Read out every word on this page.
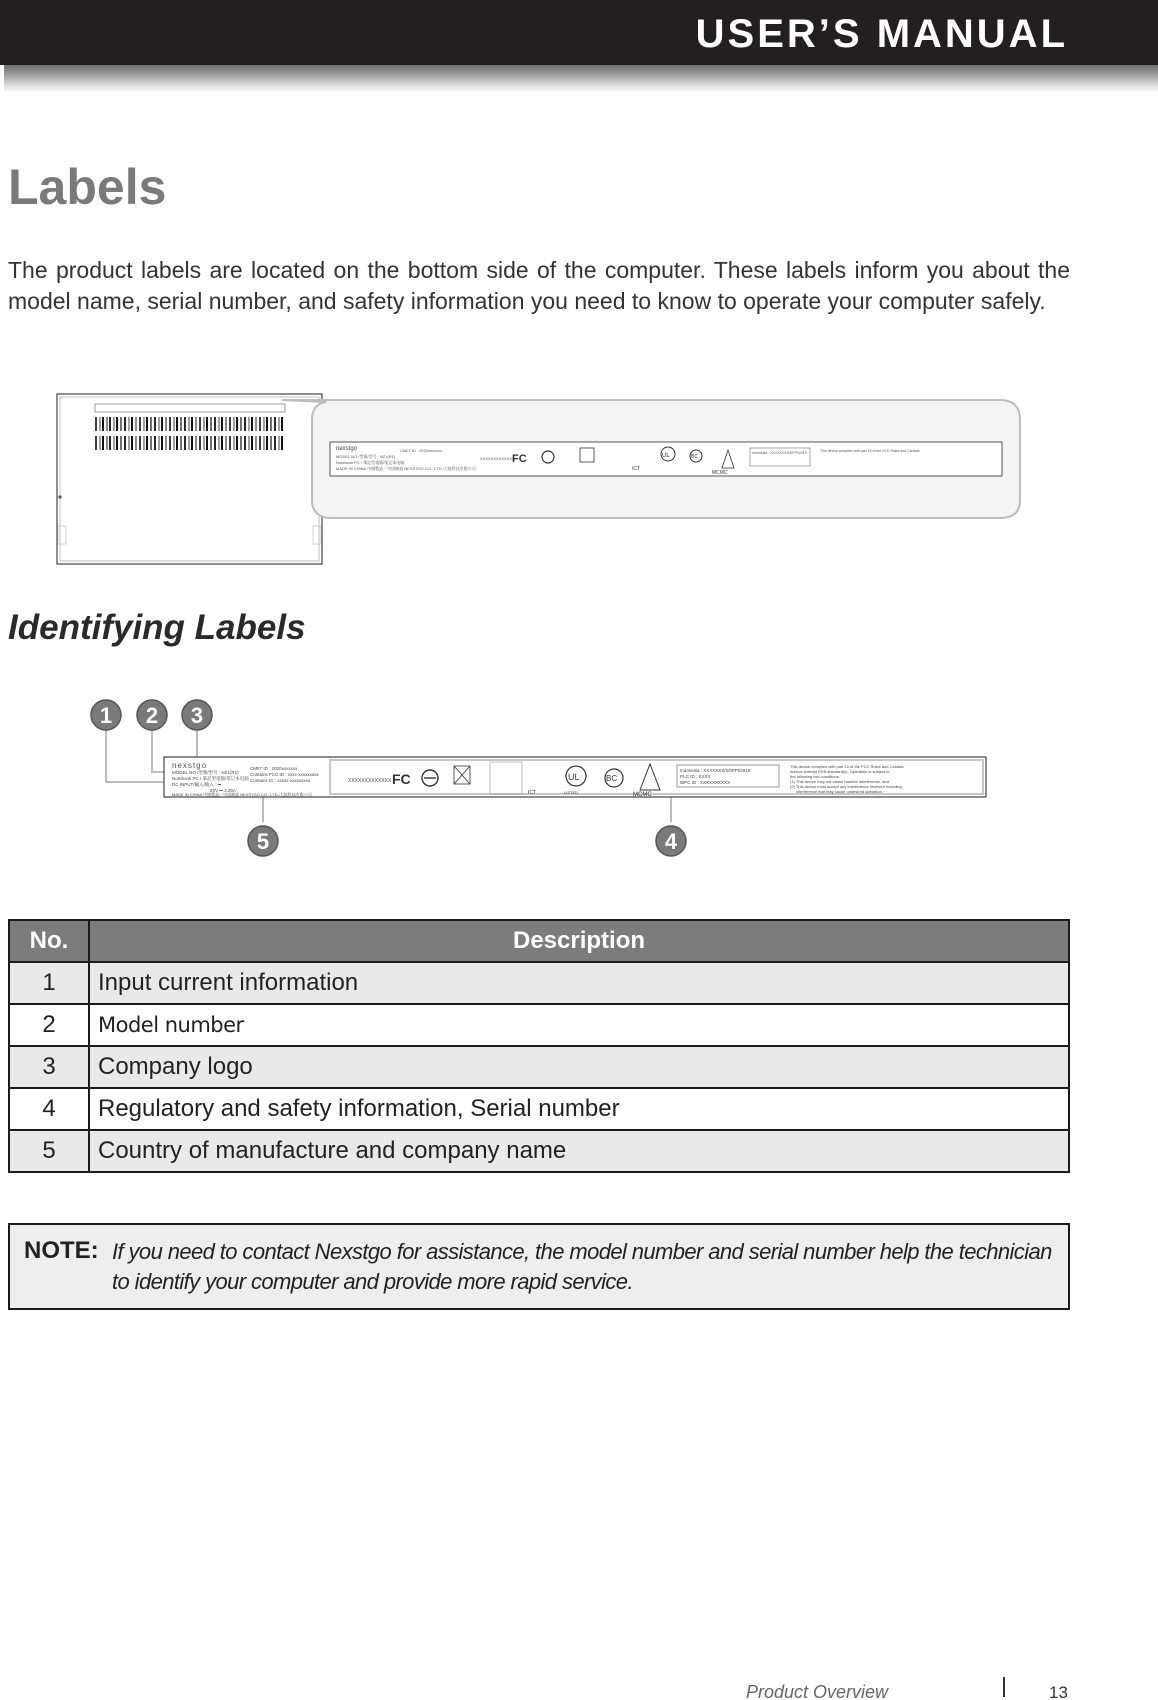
USER’S MANUAL
Labels

The product labels are located on the bottom side of the computer. These labels inform you about the model name, serial number, and safety information you need to know to operate your computer safely.

nexstgo
MODEL NO./型號/型号 : NZ1(R1)
Notebook PC / 筆記型電腦/笔记本电脑
MADE IN CHINA 中國製造／中国制造 NEXSTGO CO., LTD./大能科技有限公司
CMIIT ID : 2020xxxxxxx
XXXXXXXXXXXXX
FC
ICT
UL	BC
MCMC
Indonesia : XXXXXXX/SDPPI/2019	This device complies with part 15 of the FCC Rules and Canada
Identifying Labels
nexstgo
MODEL NO./型號/型号 : NZ1(R1)
Notebook PC / 筆記型電腦/笔记本电脑
DC INPUT/輸入/输入 : ⎓
20V ⎓ 3.25A
MADE IN CHINA 中國製造／中国制造 NEXSTGO CO., LTD./大能科技有限公司
CMIIT ID : 2020xxxxxxx
Contains FCC ID : xxxx-xxxxxxxxx
Contains IC : xxxxx-xxxxxxxxx	XXXXXXXXXXXXX FC
ICT
UL
LISTED
BC
MCMC
Indonesia : XXXXXXX/SDPPI/2019
PLG ID : XXXX
WPC ID : XXXXXXXXXX
This device complies with part 15 of the FCC Rules and Canada
licence-exempt RSS standard(s). Operation is subject to
the following two conditions:
(1) This device may not cause harmful interference, and
(2) This device must accept any interference received including
interference that may cause undesired operation.
1 2 3
4
5
No.	Description
1	Input current information
2	Model number
3	Company logo
4	Regulatory and safety information, Serial number
5	Country of manufacture and company name
NOTE: If you need to contact Nexstgo for assistance, the model number and serial number help the technician to identify your computer and provide more rapid service.
Product Overview	13
